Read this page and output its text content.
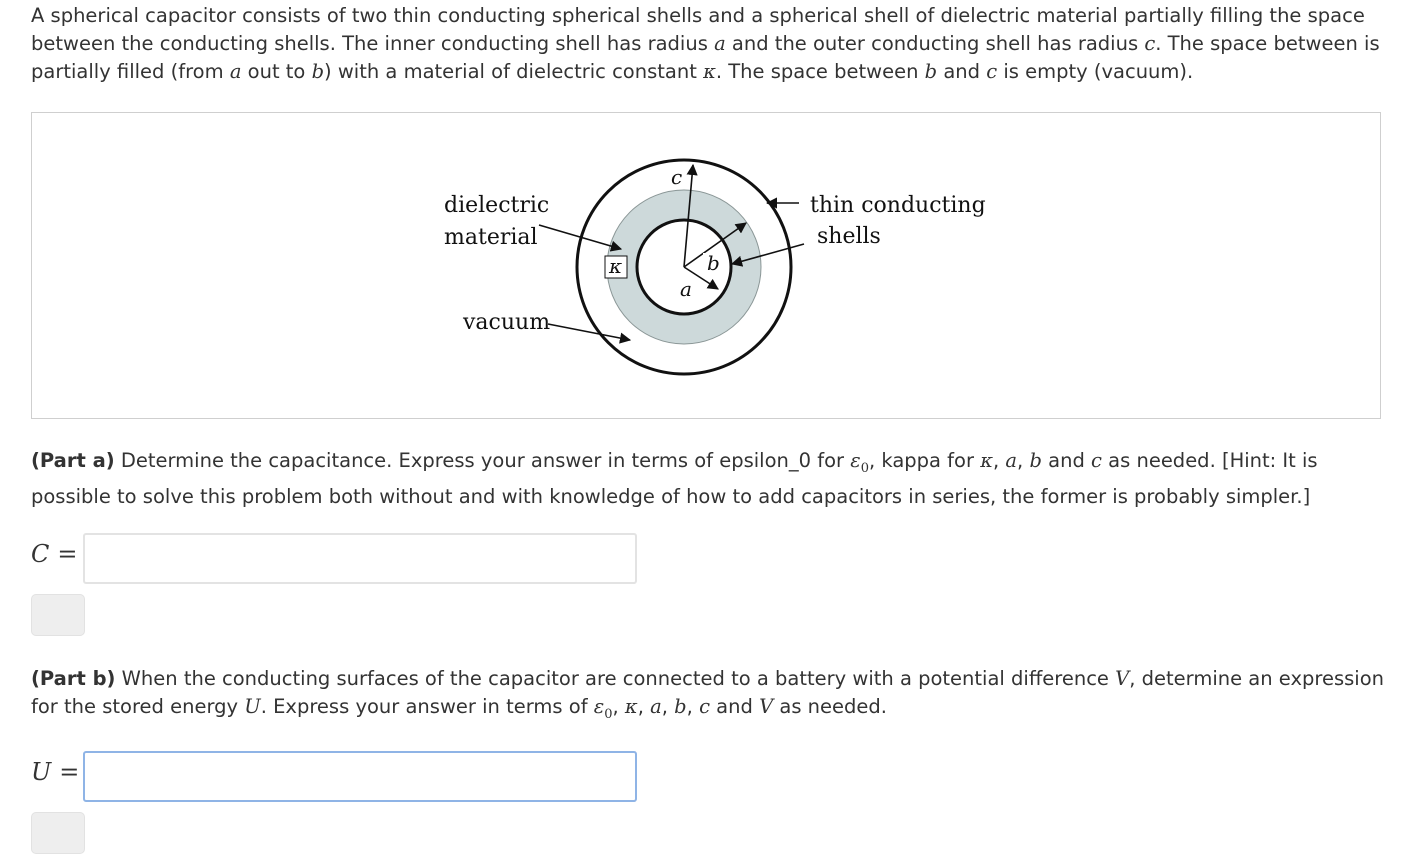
A spherical capacitor consists of two thin conducting spherical shells and a spherical shell of dielectric material partially filling the space between the conducting shells. The inner conducting shell has radius a and the outer conducting shell has radius c. The space between is partially filled (from a out to b) with a material of dielectric constant κ. The space between b and c is empty (vacuum).

dielectric
material
vacuum
thin conducting
shells
c
a
b
κ

(Part a) Determine the capacitance. Express your answer in terms of epsilon_0 for $\varepsilon_0$, kappa for κ, a, b and c as needed. [Hint: It is possible to solve this problem both without and with knowledge of how to add capacitors in series, the former is probably simpler.]

C =

(Part b) When the conducting surfaces of the capacitor are connected to a battery with a potential difference V, determine an expression for the stored energy U. Express your answer in terms of $\varepsilon_0$, κ, a, b, c and V as needed.

U =
